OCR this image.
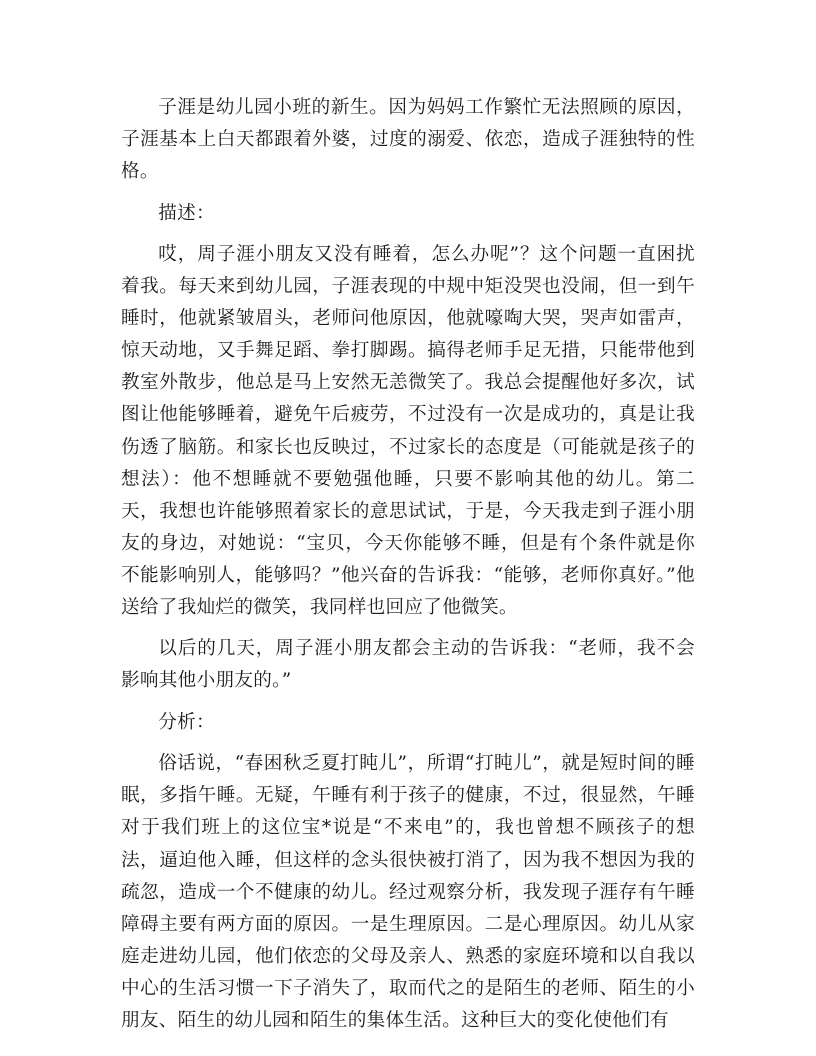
子涯是幼儿园小班的新生。因为妈妈工作繁忙无法照顾的原因，子涯基本上白天都跟着外婆，过度的溺爱、依恋，造成子涯独特的性格。

描述：

哎，周子涯小朋友又没有睡着，怎么办呢”？这个问题一直困扰着我。每天来到幼儿园，子涯表现的中规中矩没哭也没闹，但一到午睡时，他就紧皱眉头，老师问他原因，他就嚎啕大哭，哭声如雷声，惊天动地，又手舞足蹈、拳打脚踢。搞得老师手足无措，只能带他到教室外散步，他总是马上安然无恙微笑了。我总会提醒他好多次，试图让他能够睡着，避免午后疲劳，不过没有一次是成功的，真是让我伤透了脑筋。和家长也反映过，不过家长的态度是（可能就是孩子的想法）：他不想睡就不要勉强他睡，只要不影响其他的幼儿。第二天，我想也许能够照着家长的意思试试，于是，今天我走到子涯小朋友的身边，对她说：“宝贝，今天你能够不睡，但是有个条件就是你不能影响别人，能够吗？”他兴奋的告诉我：“能够，老师你真好。”他送给了我灿烂的微笑，我同样也回应了他微笑。

以后的几天，周子涯小朋友都会主动的告诉我：“老师，我不会影响其他小朋友的。”

分析：

俗话说，“春困秋乏夏打盹儿”，所谓“打盹儿”，就是短时间的睡眠，多指午睡。无疑，午睡有利于孩子的健康，不过，很显然，午睡对于我们班上的这位宝*说是“不来电”的，我也曾想不顾孩子的想法，逼迫他入睡，但这样的念头很快被打消了，因为我不想因为我的疏忽，造成一个不健康的幼儿。经过观察分析，我发现子涯存有午睡障碍主要有两方面的原因。一是生理原因。二是心理原因。幼儿从家庭走进幼儿园，他们依恋的父母及亲人、熟悉的家庭环境和以自我以中心的生活习惯一下子消失了，取而代之的是陌生的老师、陌生的小朋友、陌生的幼儿园和陌生的集体生活。这种巨大的变化使他们有
